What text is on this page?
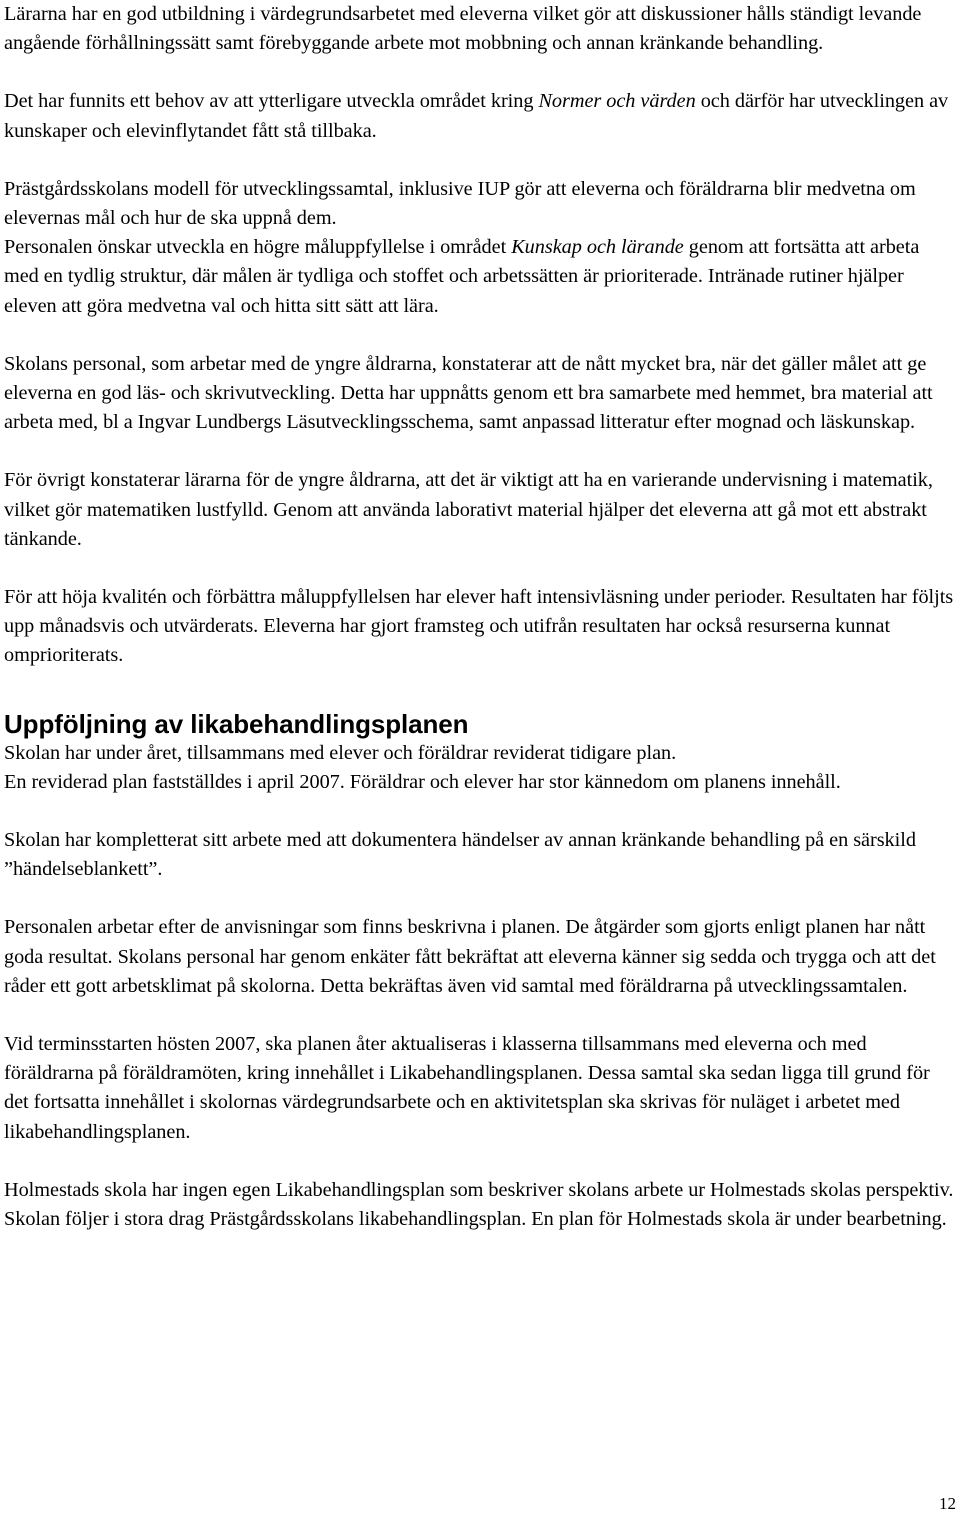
Lärarna har en god utbildning i värdegrundsarbetet med eleverna vilket gör att diskussioner hålls ständigt levande angående förhållningssätt samt förebyggande arbete mot mobbning och annan kränkande behandling.

Det har funnits ett behov av att ytterligare utveckla området kring Normer och värden och därför har utvecklingen av kunskaper och elevinflytandet fått stå tillbaka.

Prästgårdsskolans modell för utvecklingssamtal, inklusive IUP gör att eleverna och föräldrarna blir medvetna om elevernas mål och hur de ska uppnå dem.

Personalen önskar utveckla en högre måluppfyllelse i området Kunskap och lärande genom att fortsätta att arbeta med en tydlig struktur, där målen är tydliga och stoffet och arbetssätten är prioriterade. Intränade rutiner hjälper eleven att göra medvetna val och hitta sitt sätt att lära.

Skolans personal, som arbetar med de yngre åldrarna, konstaterar att de nått mycket bra, när det gäller målet att ge eleverna en god läs- och skrivutveckling. Detta har uppnåtts genom ett bra samarbete med hemmet, bra material att arbeta med, bl a Ingvar Lundbergs Läsutvecklingsschema, samt anpassad litteratur efter mognad och läskunskap.

För övrigt konstaterar lärarna för de yngre åldrarna, att det är viktigt att ha en varierande undervisning i matematik, vilket gör matematiken lustfylld. Genom att använda laborativt material hjälper det eleverna att gå mot ett abstrakt tänkande.

För att höja kvalitén och förbättra måluppfyllelsen har elever haft intensivläsning under perioder. Resultaten har följts upp månadsvis och utvärderats. Eleverna har gjort framsteg och utifrån resultaten har också resurserna kunnat omprioriterats.

Uppföljning av likabehandlingsplanen

Skolan har under året, tillsammans med elever och föräldrar reviderat tidigare plan.

En reviderad plan fastställdes i april 2007. Föräldrar och elever har stor kännedom om planens innehåll.

Skolan har kompletterat sitt arbete med att dokumentera händelser av annan kränkande behandling på en särskild ”händelseblankett”.

Personalen arbetar efter de anvisningar som finns beskrivna i planen. De åtgärder som gjorts enligt planen har nått goda resultat. Skolans personal har genom enkäter fått bekräftat att eleverna känner sig sedda och trygga och att det råder ett gott arbetsklimat på skolorna. Detta bekräftas även vid samtal med föräldrarna på utvecklingssamtalen.

Vid terminsstarten hösten 2007, ska planen åter aktualiseras i klasserna tillsammans med eleverna och med föräldrarna på föräldramöten, kring innehållet i Likabehandlingsplanen. Dessa samtal ska sedan ligga till grund för det fortsatta innehållet i skolornas värdegrundsarbete och en aktivitetsplan ska skrivas för nuläget i arbetet med likabehandlingsplanen.

Holmestads skola har ingen egen Likabehandlingsplan som beskriver skolans arbete ur Holmestads skolas perspektiv. Skolan följer i stora drag Prästgårdsskolans likabehandlingsplan. En plan för Holmestads skola är under bearbetning.

12
